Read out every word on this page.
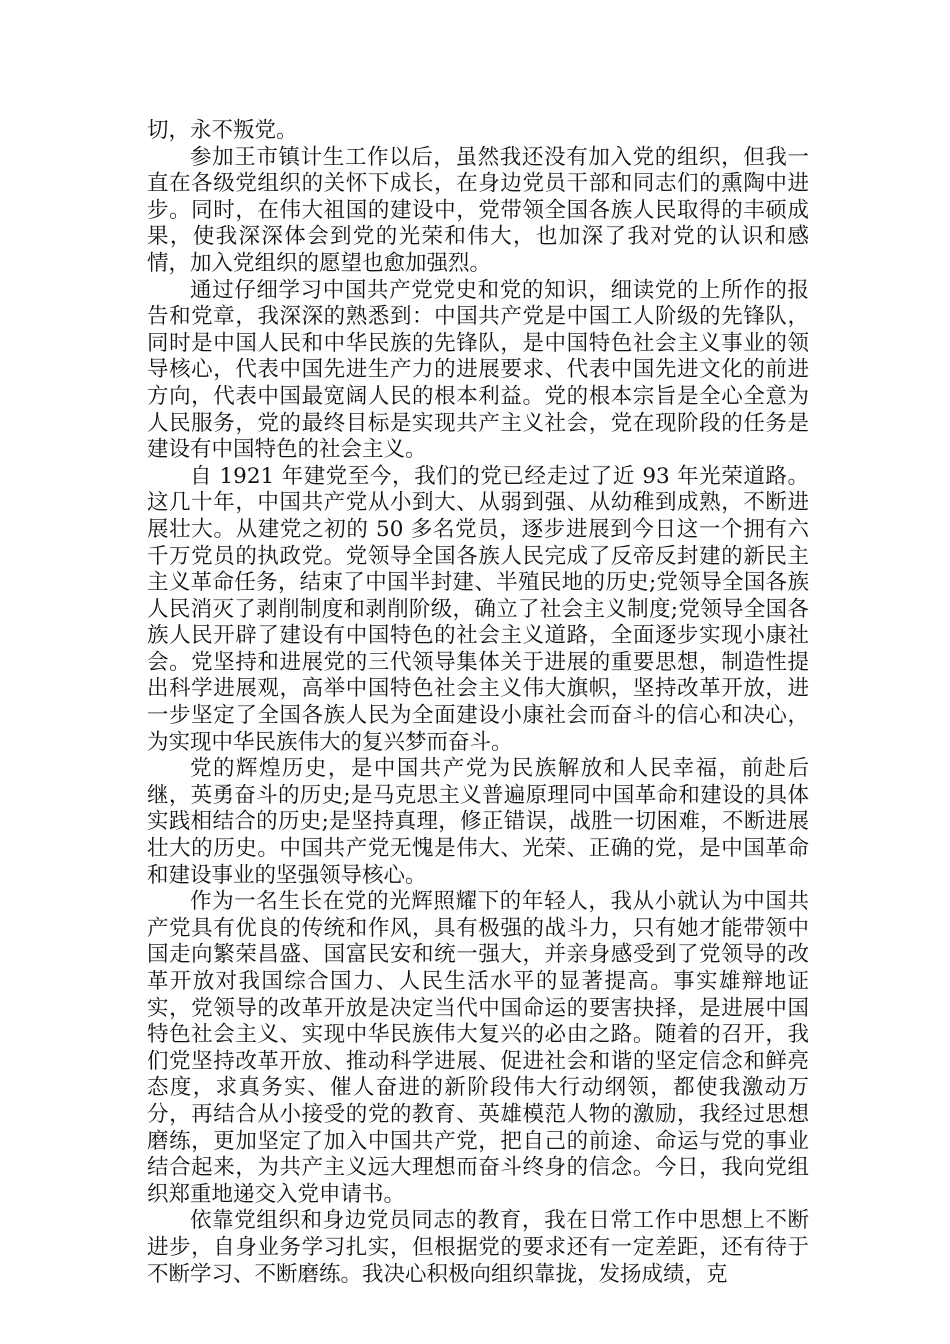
切，永不叛党。

参加王市镇计生工作以后，虽然我还没有加入党的组织，但我一直在各级党组织的关怀下成长，在身边党员干部和同志们的熏陶中进步。同时，在伟大祖国的建设中，党带领全国各族人民取得的丰硕成果，使我深深体会到党的光荣和伟大，也加深了我对党的认识和感情，加入党组织的愿望也愈加强烈。

通过仔细学习中国共产党党史和党的知识，细读党的上所作的报告和党章，我深深的熟悉到：中国共产党是中国工人阶级的先锋队，同时是中国人民和中华民族的先锋队，是中国特色社会主义事业的领导核心，代表中国先进生产力的进展要求、代表中国先进文化的前进方向，代表中国最宽阔人民的根本利益。党的根本宗旨是全心全意为人民服务，党的最终目标是实现共产主义社会，党在现阶段的任务是建设有中国特色的社会主义。

自 1921 年建党至今，我们的党已经走过了近 93 年光荣道路。这几十年，中国共产党从小到大、从弱到强、从幼稚到成熟，不断进展壮大。从建党之初的 50 多名党员，逐步进展到今日这一个拥有六千万党员的执政党。党领导全国各族人民完成了反帝反封建的新民主主义革命任务，结束了中国半封建、半殖民地的历史;党领导全国各族人民消灭了剥削制度和剥削阶级，确立了社会主义制度;党领导全国各族人民开辟了建设有中国特色的社会主义道路，全面逐步实现小康社会。党坚持和进展党的三代领导集体关于进展的重要思想，制造性提出科学进展观，高举中国特色社会主义伟大旗帜，坚持改革开放，进一步坚定了全国各族人民为全面建设小康社会而奋斗的信心和决心，为实现中华民族伟大的复兴梦而奋斗。

党的辉煌历史，是中国共产党为民族解放和人民幸福，前赴后继，英勇奋斗的历史;是马克思主义普遍原理同中国革命和建设的具体实践相结合的历史;是坚持真理，修正错误，战胜一切困难，不断进展壮大的历史。中国共产党无愧是伟大、光荣、正确的党，是中国革命和建设事业的坚强领导核心。

作为一名生长在党的光辉照耀下的年轻人，我从小就认为中国共产党具有优良的传统和作风，具有极强的战斗力，只有她才能带领中国走向繁荣昌盛、国富民安和统一强大，并亲身感受到了党领导的改革开放对我国综合国力、人民生活水平的显著提高。事实雄辩地证实，党领导的改革开放是决定当代中国命运的要害抉择，是进展中国特色社会主义、实现中华民族伟大复兴的必由之路。随着的召开，我们党坚持改革开放、推动科学进展、促进社会和谐的坚定信念和鲜亮态度，求真务实、催人奋进的新阶段伟大行动纲领，都使我激动万分，再结合从小接受的党的教育、英雄模范人物的激励，我经过思想磨练，更加坚定了加入中国共产党，把自己的前途、命运与党的事业结合起来，为共产主义远大理想而奋斗终身的信念。今日，我向党组织郑重地递交入党申请书。

依靠党组织和身边党员同志的教育，我在日常工作中思想上不断进步，自身业务学习扎实，但根据党的要求还有一定差距，还有待于不断学习、不断磨练。我决心积极向组织靠拢，发扬成绩，克
